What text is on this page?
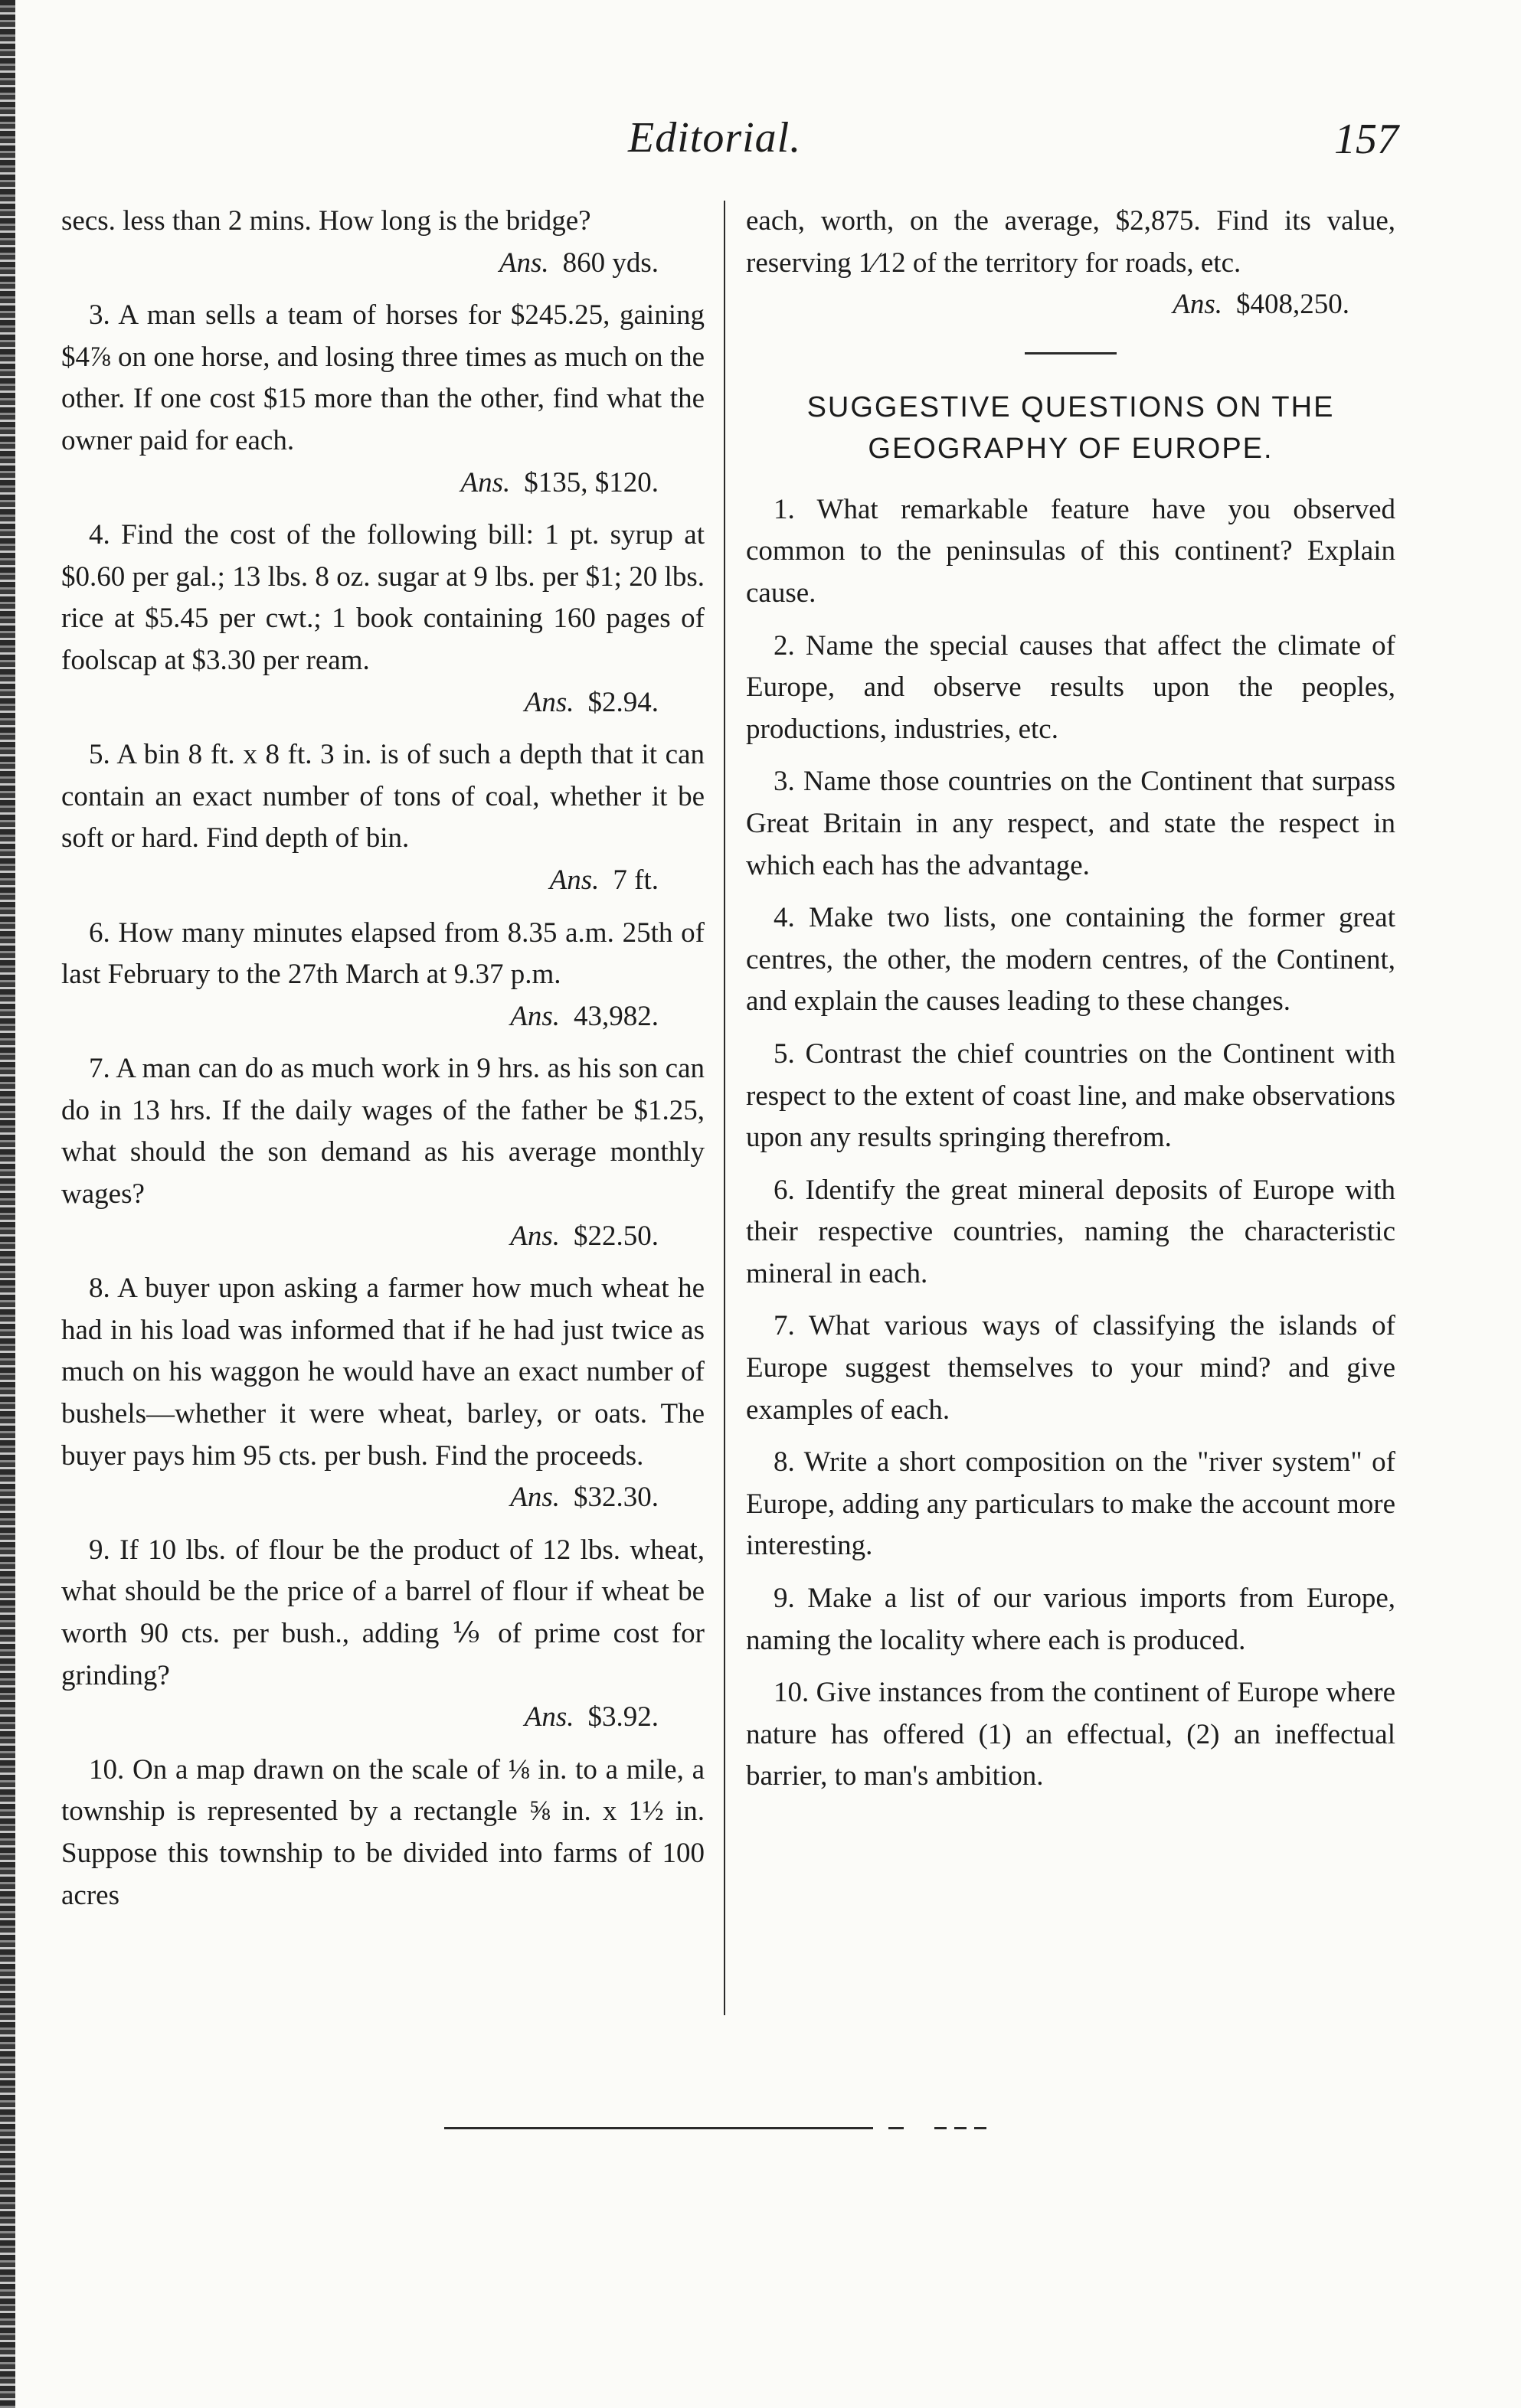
Editorial.	157

secs. less than 2 mins. How long is the bridge?
Ans. 860 yds.

3. A man sells a team of horses for $245.25, gaining $4⅞ on one horse, and losing three times as much on the other. If one cost $15 more than the other, find what the owner paid for each.
Ans. $135, $120.

4. Find the cost of the following bill: 1 pt. syrup at $0.60 per gal.; 13 lbs. 8 oz. sugar at 9 lbs. per $1; 20 lbs. rice at $5.45 per cwt.; 1 book containing 160 pages of foolscap at $3.30 per ream.
Ans. $2.94.

5. A bin 8 ft. x 8 ft. 3 in. is of such a depth that it can contain an exact number of tons of coal, whether it be soft or hard. Find depth of bin.
Ans. 7 ft.

6. How many minutes elapsed from 8.35 a.m. 25th of last February to the 27th March at 9.37 p.m.
Ans. 43,982.

7. A man can do as much work in 9 hrs. as his son can do in 13 hrs. If the daily wages of the father be $1.25, what should the son demand as his average monthly wages?
Ans. $22.50.

8. A buyer upon asking a farmer how much wheat he had in his load was informed that if he had just twice as much on his waggon he would have an exact number of bushels—whether it were wheat, barley, or oats. The buyer pays him 95 cts. per bush. Find the proceeds.
Ans. $32.30.

9. If 10 lbs. of flour be the product of 12 lbs. wheat, what should be the price of a barrel of flour if wheat be worth 90 cts. per bush., adding ⅑ of prime cost for grinding?
Ans. $3.92.

10. On a map drawn on the scale of ⅛ in. to a mile, a township is represented by a rectangle ⅝ in. x 1½ in. Suppose this township to be divided into farms of 100 acres

each, worth, on the average, $2,875. Find its value, reserving 1⁄12 of the territory for roads, etc.
Ans. $408,250.

SUGGESTIVE QUESTIONS ON THE GEOGRAPHY OF EUROPE.

1. What remarkable feature have you observed common to the peninsulas of this continent? Explain cause.

2. Name the special causes that affect the climate of Europe, and observe results upon the peoples, productions, industries, etc.

3. Name those countries on the Continent that surpass Great Britain in any respect, and state the respect in which each has the advantage.

4. Make two lists, one containing the former great centres, the other, the modern centres, of the Continent, and explain the causes leading to these changes.

5. Contrast the chief countries on the Continent with respect to the extent of coast line, and make observations upon any results springing therefrom.

6. Identify the great mineral deposits of Europe with their respective countries, naming the characteristic mineral in each.

7. What various ways of classifying the islands of Europe suggest themselves to your mind? and give examples of each.

8. Write a short composition on the "river system" of Europe, adding any particulars to make the account more interesting.

9. Make a list of our various imports from Europe, naming the locality where each is produced.

10. Give instances from the continent of Europe where nature has offered (1) an effectual, (2) an ineffectual barrier, to man's ambition.
